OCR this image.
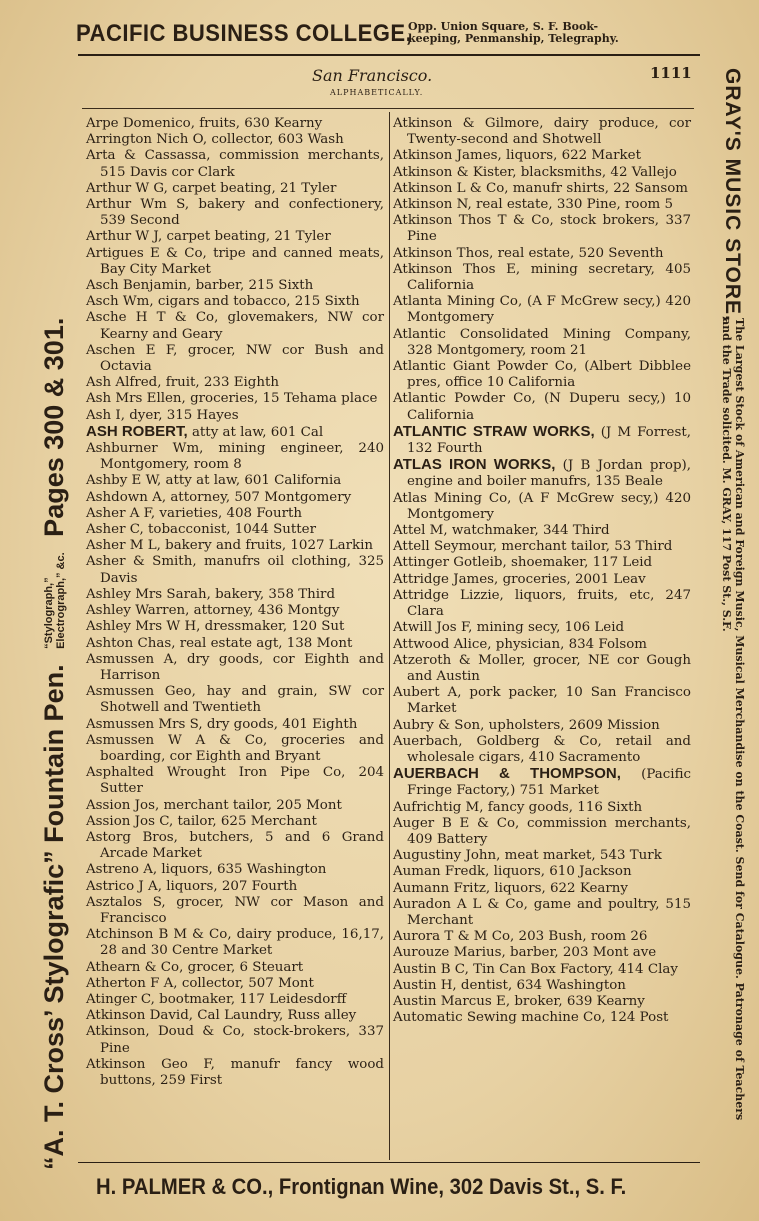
PACIFIC BUSINESS COLLEGE,
Opp. Union Square, S. F. Book-
keeping, Penmanship, Telegraphy.
San Francisco.	1111
ALPHABETICALLY.

Arpe Domenico, fruits, 630 Kearny

Arrington Nich O, collector, 603 Wash

Arta & Cassassa, commission merchants, 515 Davis cor Clark

Arthur W G, carpet beating, 21 Tyler

Arthur Wm S, bakery and confectionery, 539 Second

Arthur W J, carpet beating, 21 Tyler

Artigues E & Co, tripe and canned meats, Bay City Market

Asch Benjamin, barber, 215 Sixth

Asch Wm, cigars and tobacco, 215 Sixth

Asche H T & Co, glovemakers, NW cor Kearny and Geary

Aschen E F, grocer, NW cor Bush and Octavia

Ash Alfred, fruit, 233 Eighth

Ash Mrs Ellen, groceries, 15 Tehama place

Ash I, dyer, 315 Hayes

ASH ROBERT, atty at law, 601 Cal

Ashburner Wm, mining engineer, 240 Montgomery, room 8

Ashby E W, atty at law, 601 California

Ashdown A, attorney, 507 Montgomery

Asher A F, varieties, 408 Fourth

Asher C, tobacconist, 1044 Sutter

Asher M L, bakery and fruits, 1027 Larkin

Asher & Smith, manufrs oil clothing, 325 Davis

Ashley Mrs Sarah, bakery, 358 Third

Ashley Warren, attorney, 436 Montgy

Ashley Mrs W H, dressmaker, 120 Sut

Ashton Chas, real estate agt, 138 Mont

Asmussen A, dry goods, cor Eighth and Harrison

Asmussen Geo, hay and grain, SW cor Shotwell and Twentieth

Asmussen Mrs S, dry goods, 401 Eighth

Asmussen W A & Co, groceries and boarding, cor Eighth and Bryant

Asphalted Wrought Iron Pipe Co, 204 Sutter

Assion Jos, merchant tailor, 205 Mont

Assion Jos C, tailor, 625 Merchant

Astorg Bros, butchers, 5 and 6 Grand Arcade Market

Astreno A, liquors, 635 Washington

Astrico J A, liquors, 207 Fourth

Asztalos S, grocer, NW cor Mason and Francisco

Atchinson B M & Co, dairy produce, 16,17, 28 and 30 Centre Market

Athearn & Co, grocer, 6 Steuart

Atherton F A, collector, 507 Mont

Atinger C, bootmaker, 117 Leidesdorff

Atkinson David, Cal Laundry, Russ alley

Atkinson, Doud & Co, stock-brokers, 337 Pine

Atkinson Geo F, manufr fancy wood buttons, 259 First

Atkinson & Gilmore, dairy produce, cor Twenty-second and Shotwell

Atkinson James, liquors, 622 Market

Atkinson & Kister, blacksmiths, 42 Vallejo

Atkinson L & Co, manufr shirts, 22 Sansom

Atkinson N, real estate, 330 Pine, room 5

Atkinson Thos T & Co, stock brokers, 337 Pine

Atkinson Thos, real estate, 520 Seventh

Atkinson Thos E, mining secretary, 405 California

Atlanta Mining Co, (A F McGrew secy,) 420 Montgomery

Atlantic Consolidated Mining Company, 328 Montgomery, room 21

Atlantic Giant Powder Co, (Albert Dibblee pres, office 10 California

Atlantic Powder Co, (N Duperu secy,) 10 California

ATLANTIC STRAW WORKS, (J M Forrest, 132 Fourth

ATLAS IRON WORKS, (J B Jordan prop), engine and boiler manufrs, 135 Beale

Atlas Mining Co, (A F McGrew secy,) 420 Montgomery

Attel M, watchmaker, 344 Third

Attell Seymour, merchant tailor, 53 Third

Attinger Gotleib, shoemaker, 117 Leid

Attridge James, groceries, 2001 Leav

Attridge Lizzie, liquors, fruits, etc, 247 Clara

Atwill Jos F, mining secy, 106 Leid

Attwood Alice, physician, 834 Folsom

Atzeroth & Moller, grocer, NE cor Gough and Austin

Aubert A, pork packer, 10 San Francisco Market

Aubry & Son, upholsters, 2609 Mission

Auerbach, Goldberg & Co, retail and wholesale cigars, 410 Sacramento

AUERBACH & THOMPSON, (Pacific Fringe Factory,) 751 Market

Aufrichtig M, fancy goods, 116 Sixth

Auger B E & Co, commission merchants, 409 Battery

Augustiny John, meat market, 543 Turk

Auman Fredk, liquors, 610 Jackson

Aumann Fritz, liquors, 622 Kearny

Auradon A L & Co, game and poultry, 515 Merchant

Aurora T & M Co, 203 Bush, room 26

Aurouze Marius, barber, 203 Mont ave

Austin B C, Tin Can Box Factory, 414 Clay

Austin H, dentist, 634 Washington

Austin Marcus E, broker, 639 Kearny

Automatic Sewing machine Co, 124 Post

“A. T. Cross’ Stylografic” Fountain Pen.
“Stylograph,” Electrograph,” &c.
Pages 300 & 301.
GRAY'S MUSIC STORE,
The Largest Stock of American and Foreign Music, Musical Merchandise on the Coast. Send for Catalogue. Patronage of Teachers and the Trade solicited. M. GRAY, 117 Post St., S.F.
H. PALMER & CO., Frontignan Wine, 302 Davis St., S. F.
